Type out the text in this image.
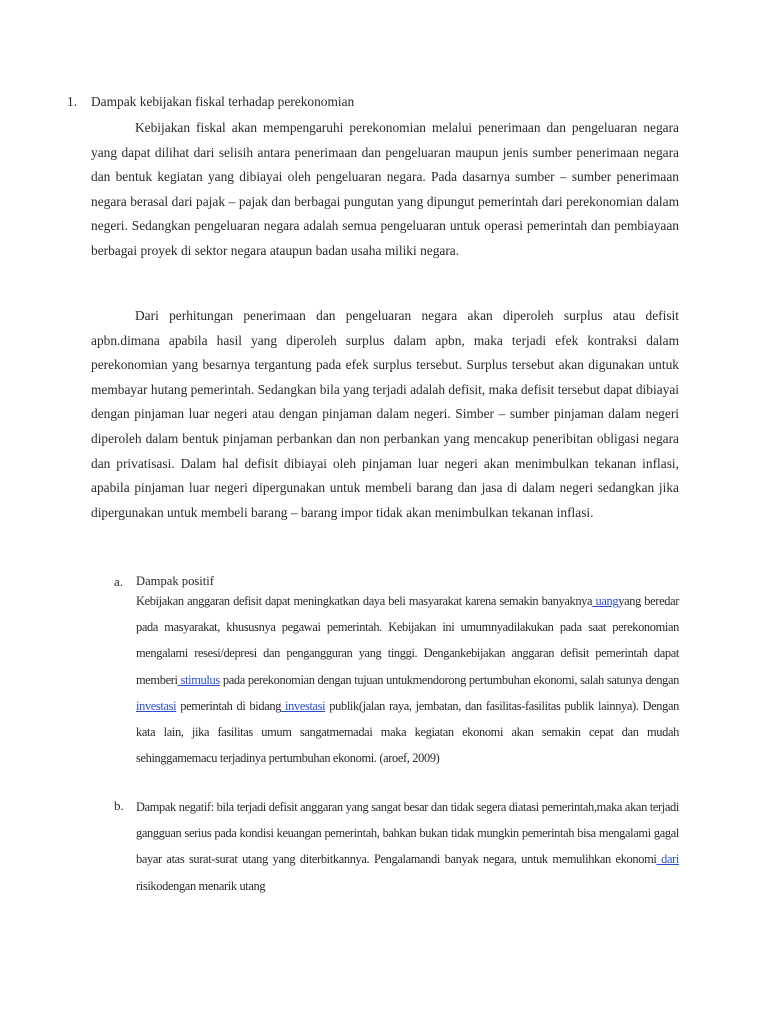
1. Dampak kebijakan fiskal terhadap perekonomian

Kebijakan fiskal akan mempengaruhi perekonomian melalui penerimaan dan pengeluaran negara yang dapat dilihat dari selisih antara penerimaan dan pengeluaran maupun jenis sumber penerimaan negara dan bentuk kegiatan yang dibiayai oleh pengeluaran negara. Pada dasarnya sumber – sumber penerimaan negara berasal dari pajak – pajak dan berbagai pungutan yang dipungut pemerintah dari perekonomian dalam negeri. Sedangkan pengeluaran negara adalah semua pengeluaran untuk operasi pemerintah dan pembiayaan berbagai proyek di sektor negara ataupun badan usaha miliki negara.

Dari perhitungan penerimaan dan pengeluaran negara akan diperoleh surplus atau defisit apbn.dimana apabila hasil yang diperoleh surplus dalam apbn, maka terjadi efek kontraksi dalam perekonomian yang besarnya tergantung pada efek surplus tersebut. Surplus tersebut akan digunakan untuk membayar hutang pemerintah. Sedangkan bila yang terjadi adalah defisit, maka defisit tersebut dapat dibiayai dengan pinjaman luar negeri atau dengan pinjaman dalam negeri. Simber – sumber pinjaman dalam negeri diperoleh dalam bentuk pinjaman perbankan dan non perbankan yang mencakup peneribitan obligasi negara dan privatisasi. Dalam hal defisit dibiayai oleh pinjaman luar negeri akan menimbulkan tekanan inflasi, apabila pinjaman luar negeri dipergunakan untuk membeli barang dan jasa di dalam negeri sedangkan jika dipergunakan untuk membeli barang – barang impor tidak akan menimbulkan tekanan inflasi.

a. Dampak positif

Kebijakan anggaran defisit dapat meningkatkan daya beli masyarakat karena semakin banyaknya uangyang beredar pada masyarakat, khususnya pegawai pemerintah. Kebijakan ini umumnyadilakukan pada saat perekonomian mengalami resesi/depresi dan pengangguran yang tinggi. Dengankebijakan anggaran defisit pemerintah dapat memberi stimulus pada perekonomian dengan tujuan untukmendorong pertumbuhan ekonomi, salah satunya dengan investasi pemerintah di bidang investasi publik(jalan raya, jembatan, dan fasilitas-fasilitas publik lainnya). Dengan kata lain, jika fasilitas umum sangatmemadai maka kegiatan ekonomi akan semakin cepat dan mudah sehinggamemacu terjadinya pertumbuhan ekonomi. (aroef, 2009)

b. Dampak negatif: bila terjadi defisit anggaran yang sangat besar dan tidak segera diatasi pemerintah,maka akan terjadi gangguan serius pada kondisi keuangan pemerintah, bahkan bukan tidak mungkin pemerintah bisa mengalami gagal bayar atas surat-surat utang yang diterbitkannya. Pengalamandi banyak negara, untuk memulihkan ekonomi dari risikodengan menarik utang
